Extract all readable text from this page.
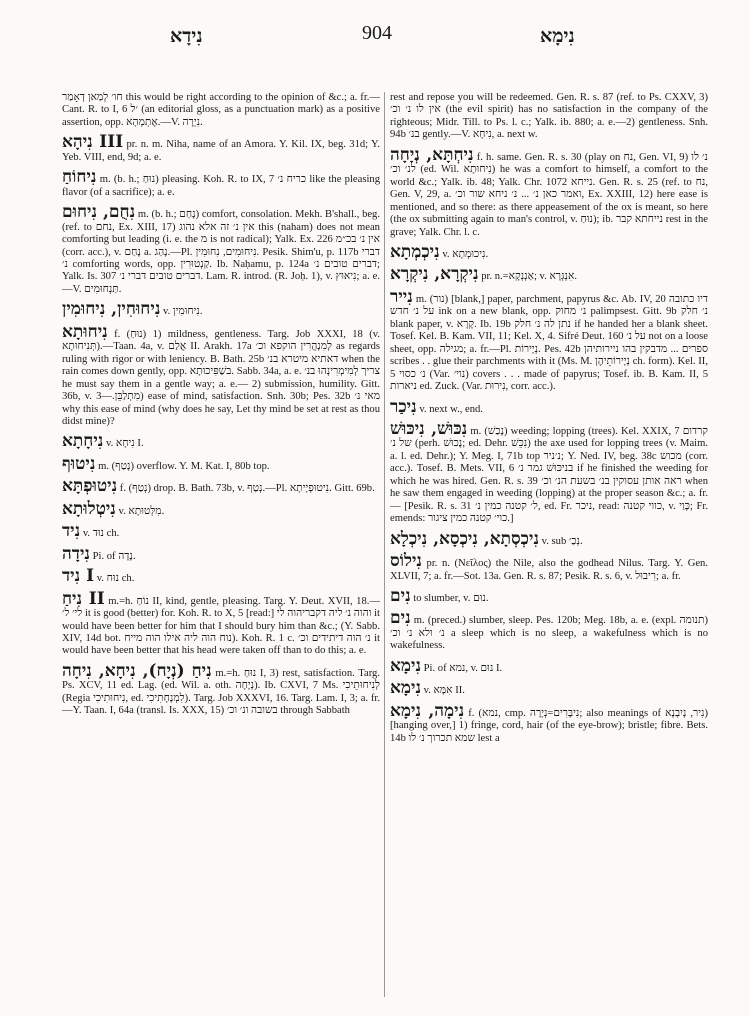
נִידָא	904	נִימָא

חו׳ לְמַאן דְאָמַר this would be right according to the opinion of &c.; a. fr.—Cant. R. to I, 6 ׳ל (an editorial gloss, as a punctuation mark) as a positive assertion, opp. אֶתְמְהָא.—V. נִיְרָה.

נִיהָא III pr. n. m. Niha, name of an Amora. Y. Kil. IX, beg. 31d; Y. Yeb. VIII, end, 9d; a. e.

נִיחוֹחַ m. (b. h.; נוּחַ) pleasing. Koh. R. to IX, 7 כריח נ׳ like the pleasing flavor (of a sacrifice); a. e.

נִחֻם, נִיחוּם m. (b. h.; נָחַם) comfort, consolation. Mekh. B'shall., beg. (ref. to נחם, Ex. XIII, 17) אין נ׳ זה אלא נהוג this (naham) does not mean comforting but leading (i. e. the מ is not radical); Yalk. Ex. 226 אין נ׳ בכ״מ (corr. acc.), v. נָחַם a. נָהַג.—Pl. נִיחוּמִים, נִחוּמִין. Pesik. Shim'u, p. 117b דברי נ׳ comforting words, opp. קַנְטוּרִין. Ib. Naḥamu, p. 124a דברים טובים נ׳; Yalk. Is. 307 דברים טובים דברי נ׳. Lam. R. introd. (R. Joḥ. 1), v. נִיאוּץ; a. e.—V. תַּנְחוּמִים.

נִיחוּחִין, נִיחוּמִין v. נִיחוּמִין.

נִיחוּתָא f. (נוּחַ) 1) mildness, gentleness. Targ. Job XXXI, 18 (v. תְּנִיחוּתָא).—Taan. 4a, v. אֲלַם II. Arakh. 17a לְמִנְהֲרִין הוקפא וכ׳ as regards ruling with rigor or with leniency. B. Bath. 25b דאתיא מיטרא בנ׳ when the rain comes down gently, opp. בשַׁפִּיכוּתָא. Sabb. 34a, a. e. צריך לְמִימְרִינְהוּ בנ׳ he must say them in a gentle way; a. e.— 2) submission, humility. Gitt. 36b, v. מִתְלַבֵּן.—3) ease of mind, satisfaction. Snh. 30b; Pes. 32b מאי נ׳ why this ease of mind (why does he say, Let thy mind be set at rest as thou didst mine)?

נִיחָתָא v. נִיחָא I.

נִיטוּף m. (נָטַף) overflow. Y. M. Kat. I, 80b top.

נִיטוּפְתָּא f. (נְטַף) drop. B. Bath. 73b, v. נְטַף.—Pl. נִיטוּפְיָיתָא. Gitt. 69b.

נִיטְלוּתָא v. מִלְּטוּתָא.

נִיד v. נוּד ch.

נִידָה Pi. of נָדָה.

נִיד I v. נוּח ch.

נִיחַ II m.=h. נוֹחַ II, kind, gentle, pleasing. Targ. Y. Deut. XVII, 18.—לי׳ ל׳ it is good (better) for. Koh. R. to X, 5 [read:] והוה נ׳ ליה דקבריהוה לי it would have been better for him that I should bury him than &c.; (Y. Sabb. XIV, 14d bot. נוח הוה ליה אילו הוה מייח). Koh. R. 1 c. נ׳ הוה דיתידים וכ׳ it would have been better that his head were taken off than to do this; a. e.

נִיחַ (נְיָח), נִיחָא, נִיחָה m.=h. נוּחַ I, 3) rest, satisfaction. Targ. Ps. XCV, 11 ed. Lag. (ed. Wil. a. oth. נְיָחָה). Ib. CXVI, 7 Ms. לְנִיחוּתֵיכִי (Regia נִיחוּתִיכִי, ed. לִמְנָחָתִיכִי). Targ. Job XXXVI, 16. Targ. Lam. I, 3; a. fr.—Y. Taan. I, 64a (transl. Is. XXX, 15) בשובה ונ׳ וכ׳ through Sabbath

rest and repose you will be redeemed. Gen. R. s. 87 (ref. to Ps. CXXV, 3) אין לו נ׳ וכ׳ (the evil spirit) has no satisfaction in the company of the righteous; Midr. Till. to Ps. l. c.; Yalk. ib. 880; a. e.—2) gentleness. Snh. 94b בנ׳ gently.—V. נִיחָא, a. next w.

נִיחְתָּא, נְיָחָה f. h. same. Gen. R. s. 30 (play on נח, Gen. VI, 9) נ׳ לו לנ׳ וכ׳ (ed. Wil. נִיחוּתָא) he was a comfort to himself, a comfort to the world &c.; Yalk. ib. 48; Yalk. Chr. 1072 נייחא. Gen. R. s. 25 (ref. to נח, Gen. V, 29, a. ואמר כאן נ׳ ... נ׳ ניחא שור וכ׳, Ex. XXIII, 12) here ease is mentioned, and so there: as there appeasement of the ox is meant, so here (the ox submitting again to man's control, v. נוּחַ); ib. נייחתא קבר rest in the grave; Yalk. Chr. l. c.

נִיכְמְתָא v. נִיכוּמְתָא.

נִיקְרָא, נִיקְרָא pr. n.=אַנְנְקָא; v. אִנְגְּרָא.

נִייר m. (נור) [blank,] paper, parchment, papyrus &c. Ab. IV, 20 דיו כתובה על נ׳ חדש ink on a new blank, opp. נ׳ מחוק palimpsest. Gitt. 9b נ׳ חלק blank paper, v. קָרָא. Ib. 19b נתן לה נ׳ חלק if he handed her a blank sheet. Tosef. Kel. B. Kam. VII, 11; Kel. X, 4. Sifré Deut. 160 על נ׳ not on a loose sheet, opp. מגילה; a. fr.—Pl. נְיָירוֹת. Pes. 42b ספרים ... מדבקין בהו ניירותיהן scribes . . glue their parchments with it (Ms. M. נְיָירוֹתֵיהֶן ch. form). Kel. II, 5 נ׳ כסוי (Var. נוי׳) covers . . . made of papyrus; Tosef. ib. B. Kam. II, 5 ניארות ed. Zuck. (Var. נִירוּת, corr. acc.).

נִיכַר v. next w., end.

נִכּוּשׁ, נִיכּוּשׁ m. (נָכַשׁ) weeding; lopping (trees). Kel. XXIX, 7 קרדום של נ׳ (perh. נָכוּשׁ; ed. Dehr. נִכֵּשׁ) the axe used for lopping trees (v. Maim. a. l. ed. Dehr.); Y. Meg. I, 71b top נ׳ניר; Y. Ned. IV, beg. 38c מכוש (corr. acc.). Tosef. B. Mets. VII, 6 בניכּוּשׁ גמר נ׳ if he finished the weeding for which he was hired. Gen. R. s. 39 ראה אותן עסוקין בנ׳ בשעת הנ׳ וכ׳ when he saw them engaged in weeding (lopping) at the proper season &c.; a. fr.— [Pesik. R. s. 31 ל׳ קטנה כמין נ׳, ed. Fr. ניכר, read: כווי קטנה, v. כָּוַי; Fr. emends: כוי׳ קטנה כמין ציגור.]

נִיכְסְתָא, נִיכְסָא, נִיכְלָא v. sub נְכַ׳.

נִילוֹס pr. n. (Νεῖλος) the Nile, also the godhead Nilus. Targ. Y. Gen. XLVII, 7; a. fr.—Sot. 13a. Gen. R. s. 87; Pesik. R. s. 6, v. רִיבוּל; a. fr.

נִים to slumber, v. נוּם.

נִים m. (preced.) slumber, sleep. Pes. 120b; Meg. 18b, a. e. (expl. תנומה) נ׳ ולא נ׳ וכ׳ a sleep which is no sleep, a wakefulness which is no wakefulness.

נִימָא Pi. of נמא, v. נוּם I.

נִימָא v. אִמָּא II.

נִימָה, נִימָא f. (נמא, cmp. נִיבָּרִים=נְיָרָה; also meanings of נִיר, נְיִבְנָא) [hanging over,] 1) fringe, cord, hair (of the eye-brow); bristle; fibre. Bets. 14b שמא תכרוך נ׳ לו lest a
